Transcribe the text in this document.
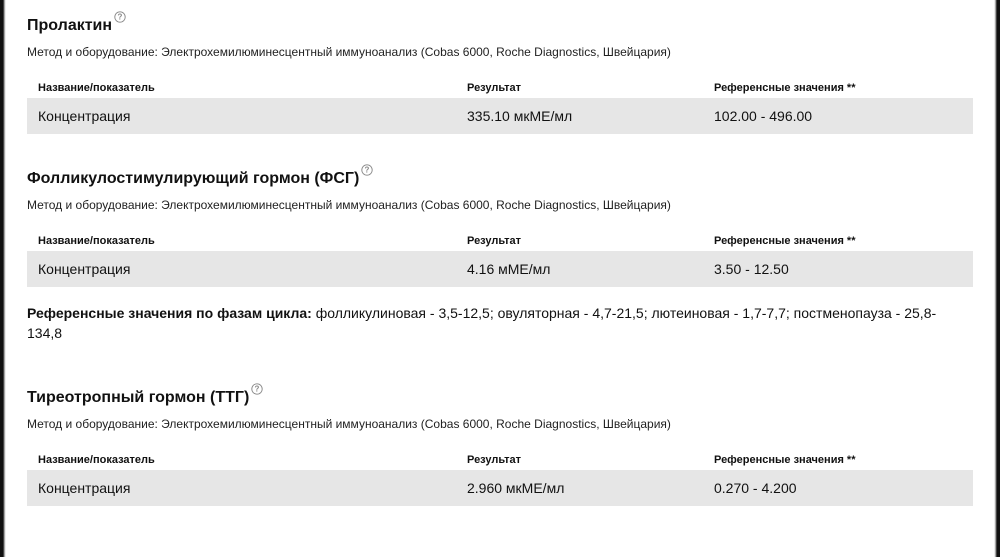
Пролактин ?
Метод и оборудование: Электрохемилюминесцентный иммуноанализ (Cobas 6000, Roche Diagnostics, Швейцария)
Название/показатель	Результат	Референсные значения **
Концентрация	335.10 мкМЕ/мл	102.00 - 496.00
Фолликулостимулирующий гормон (ФСГ) ?
Метод и оборудование: Электрохемилюминесцентный иммуноанализ (Cobas 6000, Roche Diagnostics, Швейцария)
Название/показатель	Результат	Референсные значения **
Концентрация	4.16 мМЕ/мл	3.50 - 12.50
Референсные значения по фазам цикла: фолликулиновая - 3,5-12,5; овуляторная - 4,7-21,5; лютеиновая - 1,7-7,7; постменопауза - 25,8-134,8
Тиреотропный гормон (ТТГ) ?
Метод и оборудование: Электрохемилюминесцентный иммуноанализ (Cobas 6000, Roche Diagnostics, Швейцария)
Название/показатель	Результат	Референсные значения **
Концентрация	2.960 мкМЕ/мл	0.270 - 4.200
